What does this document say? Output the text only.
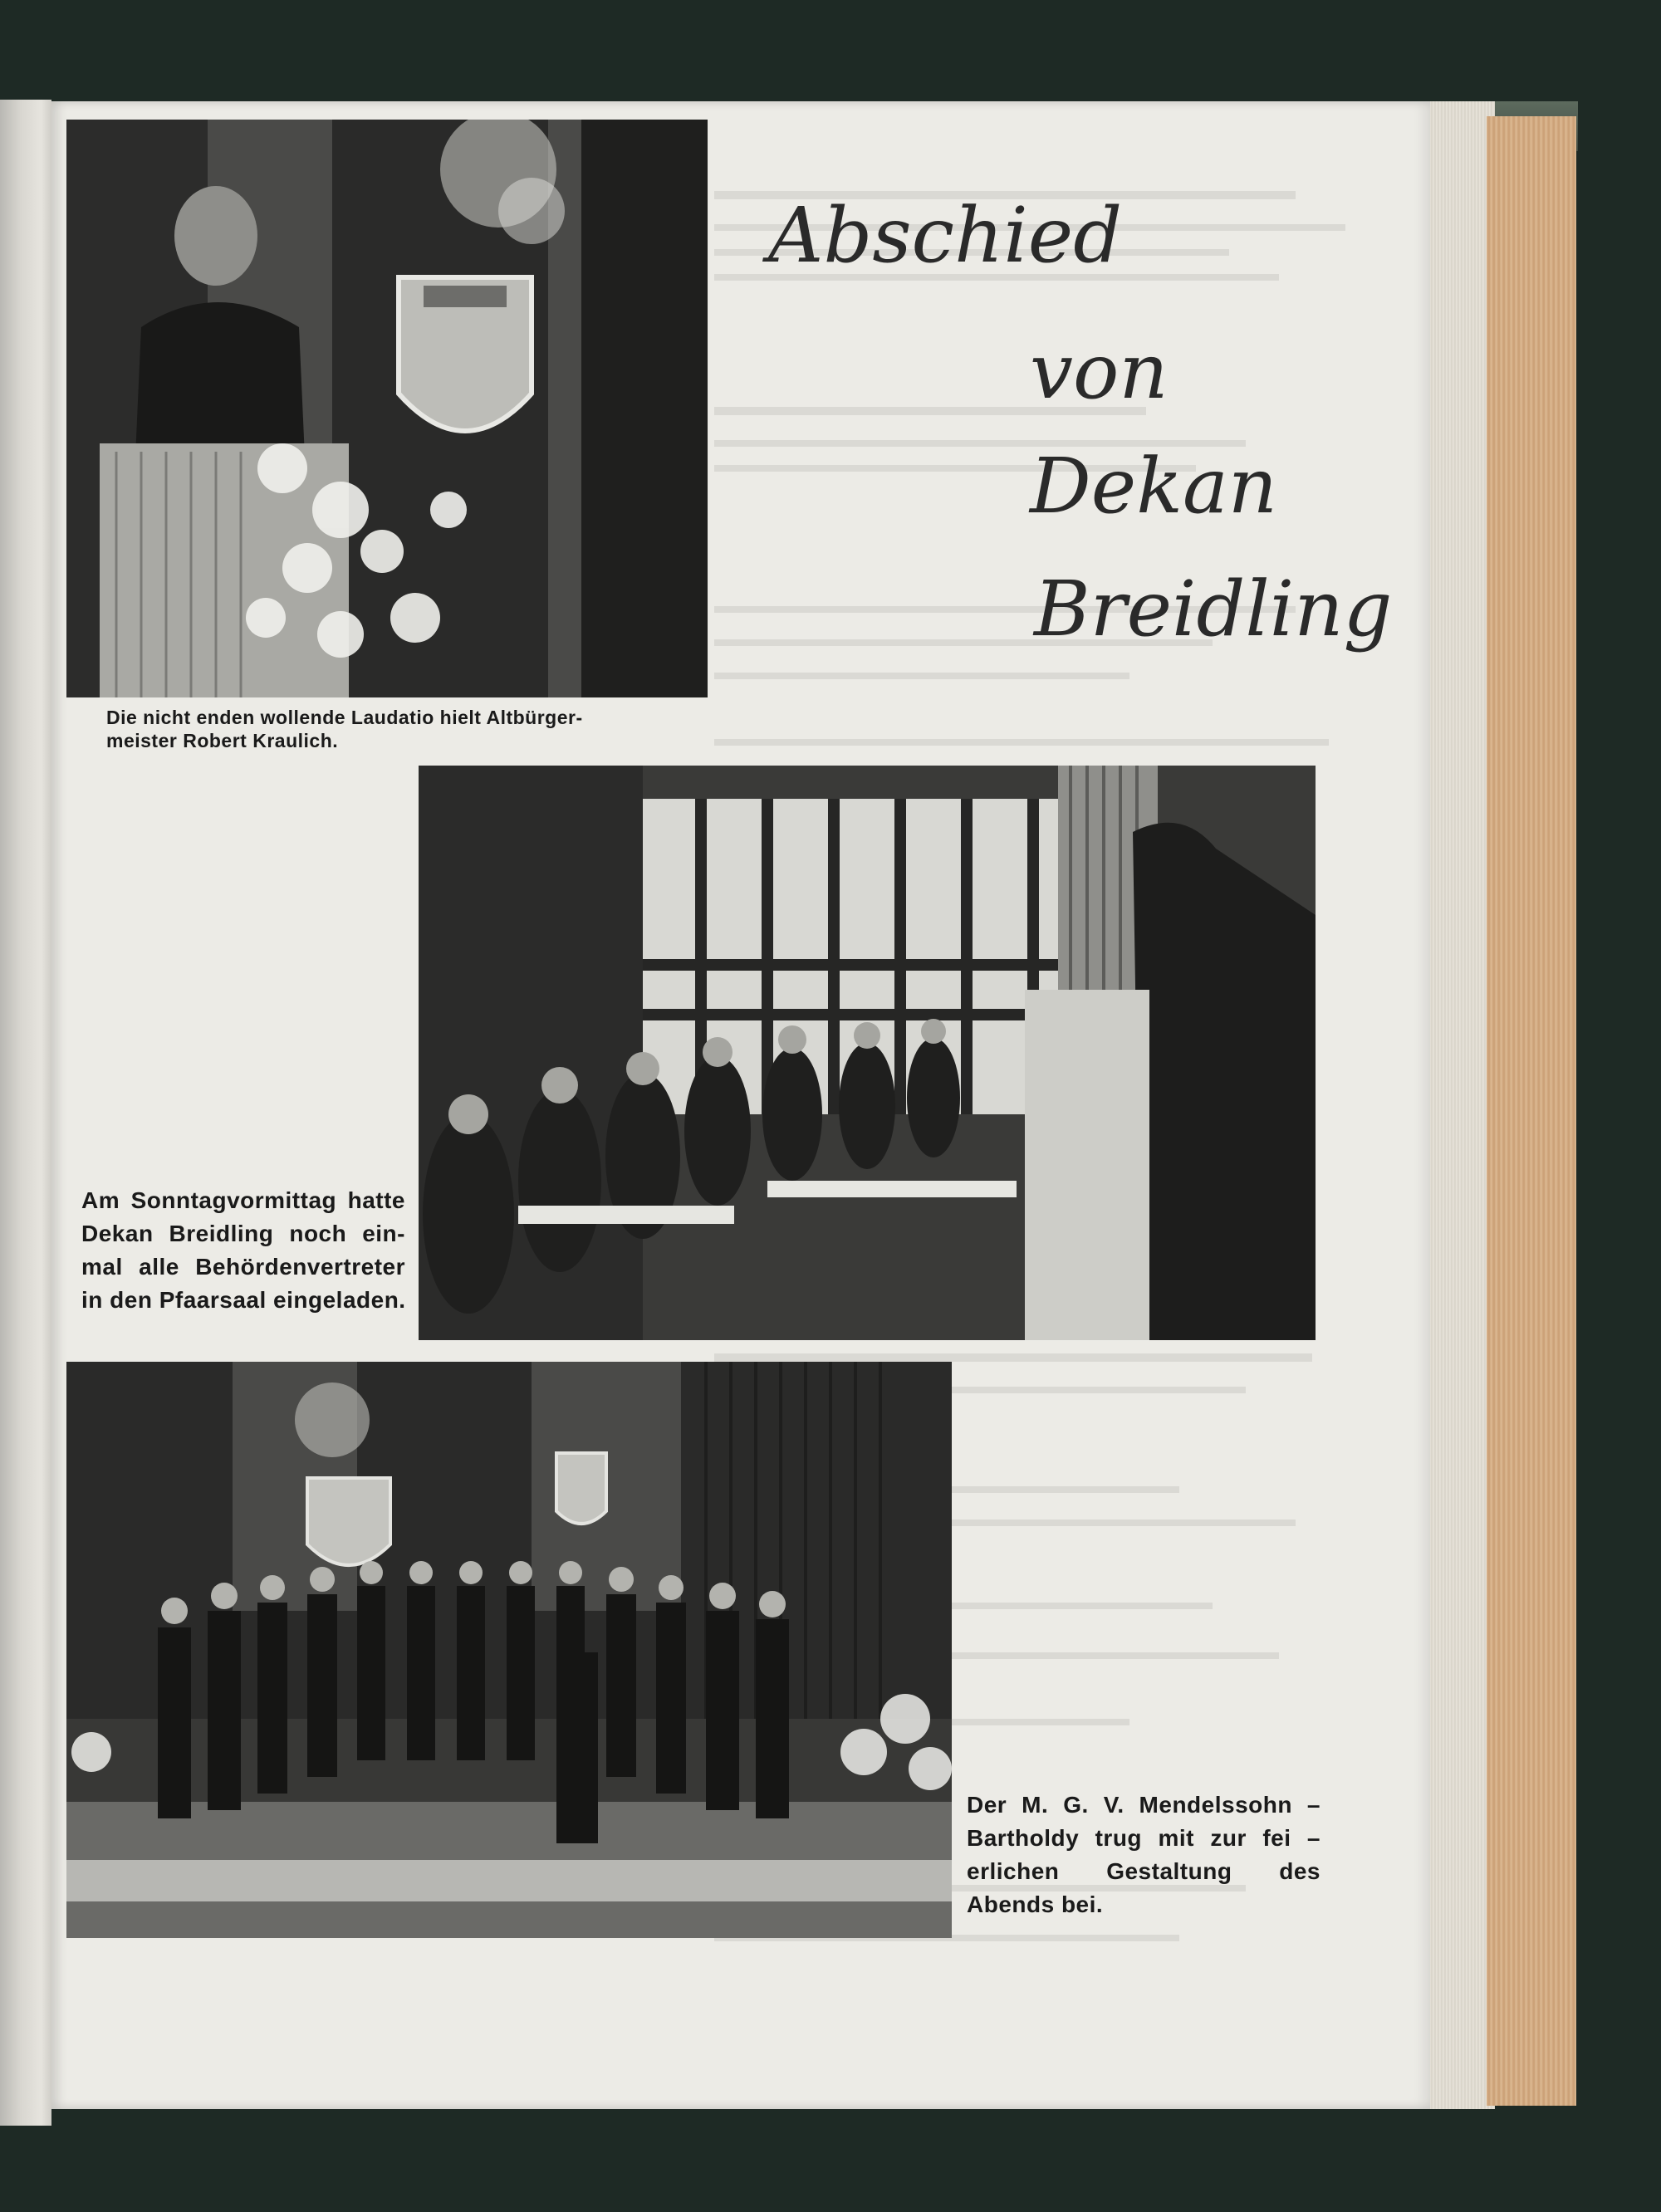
Abschied
von
Dekan
Breidling
Die nicht enden wollende Laudatio hielt Altbürger-
meister Robert Kraulich.
Am Sonntagvormittag hatte
Dekan Breidling noch ein-
mal alle Behördenvertreter
in den Pfaarsaal eingeladen.
Der M. G. V. Mendelssohn –
Bartholdy trug mit zur fei –
erlichen Gestaltung des
Abends bei.
